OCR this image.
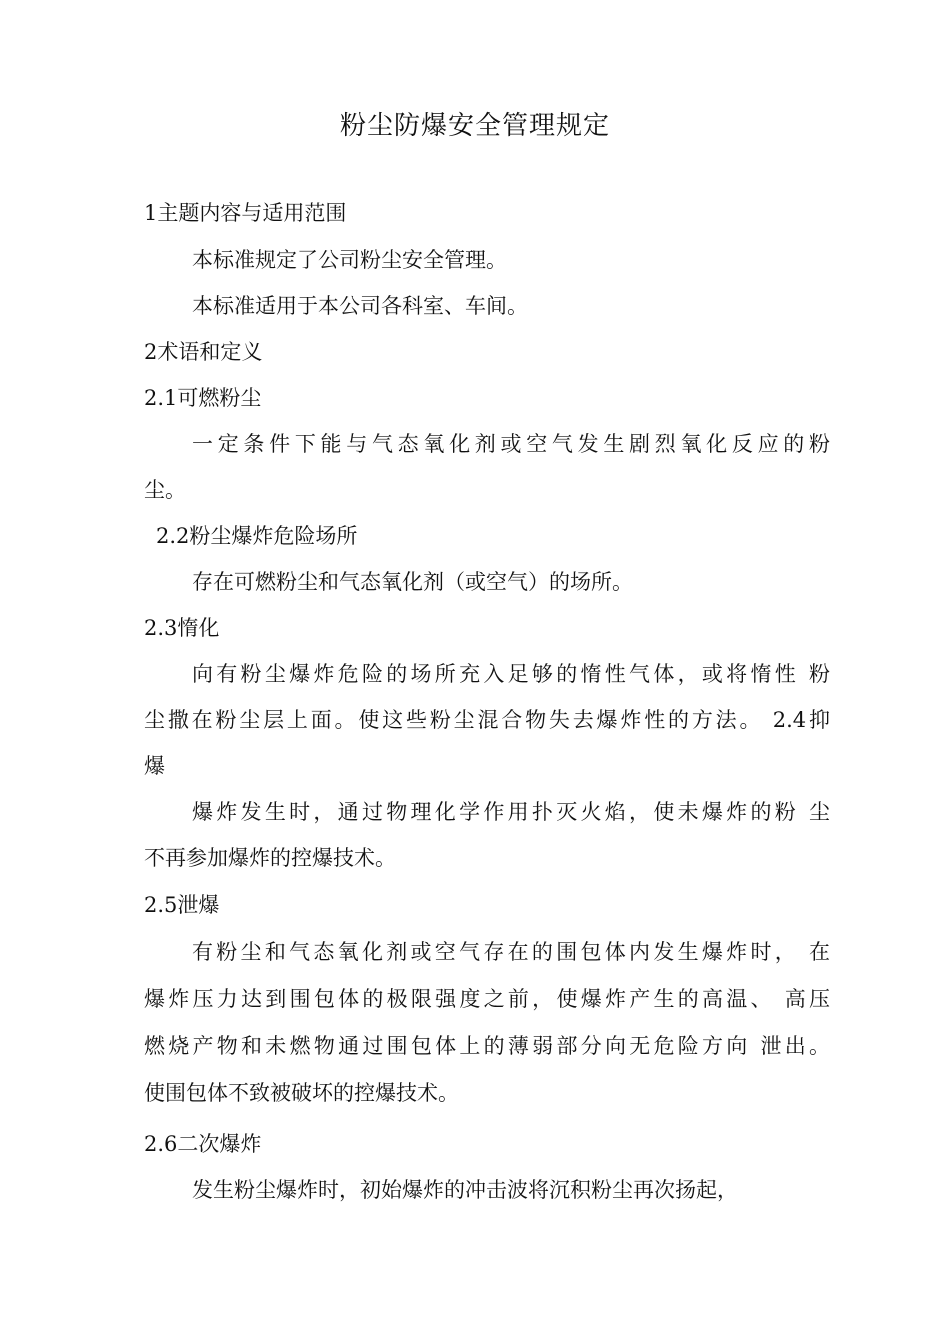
粉尘防爆安全管理规定
1主题内容与适用范围
本标准规定了公司粉尘安全管理。
本标准适用于本公司各科室、车间。
2术语和定义
2.1可燃粉尘
一定条件下能与气态氧化剂或空气发生剧烈氧化反应的粉
尘。
2.2粉尘爆炸危险场所
存在可燃粉尘和气态氧化剂（或空气）的场所。
2.3惰化
向有粉尘爆炸危险的场所充入足够的惰性气体，或将惰性 粉
尘撒在粉尘层上面。使这些粉尘混合物失去爆炸性的方法。 2.4抑
爆
爆炸发生时，通过物理化学作用扑灭火焰，使未爆炸的粉 尘
不再参加爆炸的控爆技术。
2.5泄爆
有粉尘和气态氧化剂或空气存在的围包体内发生爆炸时， 在
爆炸压力达到围包体的极限强度之前，使爆炸产生的高温、 高压
燃烧产物和未燃物通过围包体上的薄弱部分向无危险方向 泄出。
使围包体不致被破坏的控爆技术。
2.6二次爆炸
发生粉尘爆炸时，初始爆炸的冲击波将沉积粉尘再次扬起，
